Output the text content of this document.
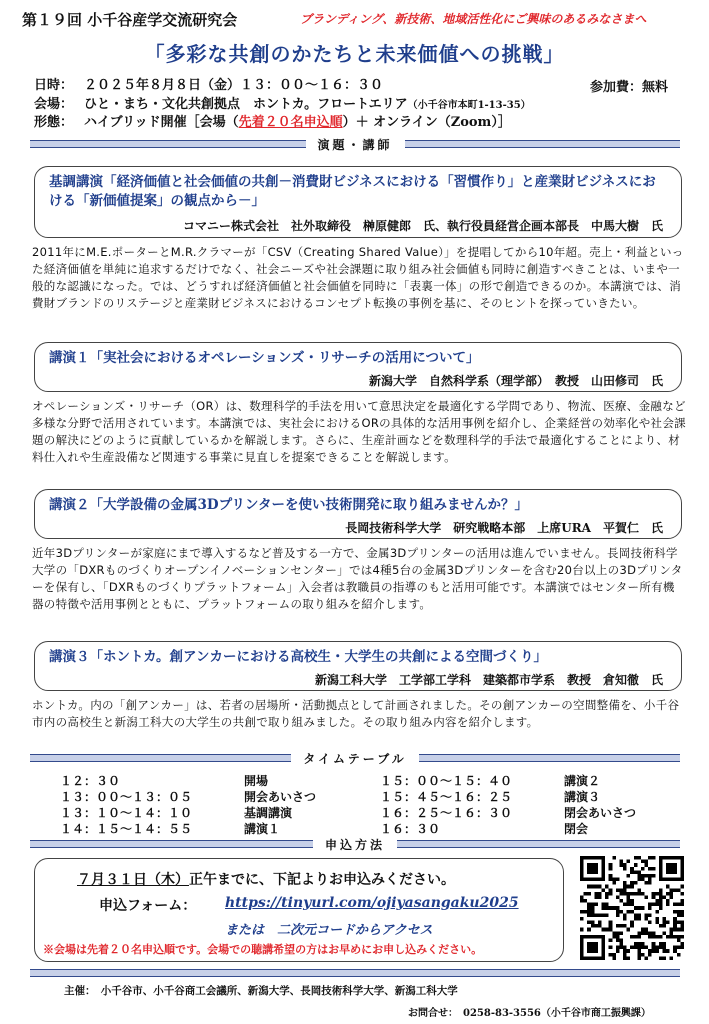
第１９回 小千谷産学交流研究会	ブランディング、新技術、地域活性化にご興味のあるみなさまへ
「多彩な共創のかたちと未来価値への挑戦」
日時： ２０２５年８月８日（金）１３：００～１６：３０	参加費：無料
会場： ひと・まち・文化共創拠点　ホントカ。フロートエリア（小千谷市本町1-13-35）
形態： ハイブリッド開催［会場（先着２０名申込順）＋ オンライン（Zoom）］
演題・講師
基調講演「経済価値と社会価値の共創－消費財ビジネスにおける「習慣作り」と産業財ビジネスにおける「新価値提案」の観点から－」
コマニー株式会社　社外取締役　榊原健郎　氏、執行役員経営企画本部長　中馬大樹　氏
2011年にM.E.ポーターとM.R.クラマーが「CSV（Creating Shared Value）」を提唱してから10年超。売上・利益といった経済価値を単純に追求するだけでなく、社会ニーズや社会課題に取り組み社会価値も同時に創造すべきことは、いまや一般的な認識になった。では、どうすれば経済価値と社会価値を同時に「表裏一体」の形で創造できるのか。本講演では、消費財ブランドのリステージと産業財ビジネスにおけるコンセプト転換の事例を基に、そのヒントを探っていきたい。
講演１「実社会におけるオペレーションズ・リサーチの活用について」
新潟大学　自然科学系（理学部）　教授　山田修司　氏
オペレーションズ・リサーチ（OR）は、数理科学的手法を用いて意思決定を最適化する学問であり、物流、医療、金融など多様な分野で活用されています。本講演では、実社会におけるORの具体的な活用事例を紹介し、企業経営の効率化や社会課題の解決にどのように貢献しているかを解説します。さらに、生産計画などを数理科学的手法で最適化することにより、材料仕入れや生産設備など関連する事業に見直しを提案できることを解説します。
講演２「大学設備の金属3Dプリンターを使い技術開発に取り組みませんか？」
長岡技術科学大学　研究戦略本部　上席URA　平賀仁　氏
近年3Dプリンターが家庭にまで導入するなど普及する一方で、金属3Dプリンターの活用は進んでいません。長岡技術科学大学の「DXRものづくりオープンイノベーションセンター」では4種5台の金属3Dプリンターを含む20台以上の3Dプリンターを保有し、「DXRものづくりプラットフォーム」入会者は教職員の指導のもと活用可能です。本講演ではセンター所有機器の特徴や活用事例とともに、プラットフォームの取り組みを紹介します。
講演３「ホントカ。創アンカーにおける高校生・大学生の共創による空間づくり」
新潟工科大学　工学部工学科　建築都市学系　教授　倉知徹　氏
ホントカ。内の「創アンカー」は、若者の居場所・活動拠点として計画されました。その創アンカーの空間整備を、小千谷市内の高校生と新潟工科大の大学生の共創で取り組みました。その取り組み内容を紹介します。
タイムテーブル
１２：３０	開場
１３：００～１３：０５	開会あいさつ
１３：１０～１４：１０	基調講演
１４：１５～１４：５５	講演１
１５：００～１５：４０	講演２
１５：４５～１６：２５	講演３
１６：２５～１６：３０	閉会あいさつ
１６：３０	閉会
申込方法
７月３１日（木）正午までに、下記よりお申込みください。
申込フォーム： https://tinyurl.com/ojiyasangaku2025
または　二次元コードからアクセス
※会場は先着２０名申込順です。会場での聴講希望の方はお早めにお申し込みください。
主催：　小千谷市、小千谷商工会議所、新潟大学、長岡技術科学大学、新潟工科大学
お問合せ：　0258-83-3556（小千谷市商工振興課）
